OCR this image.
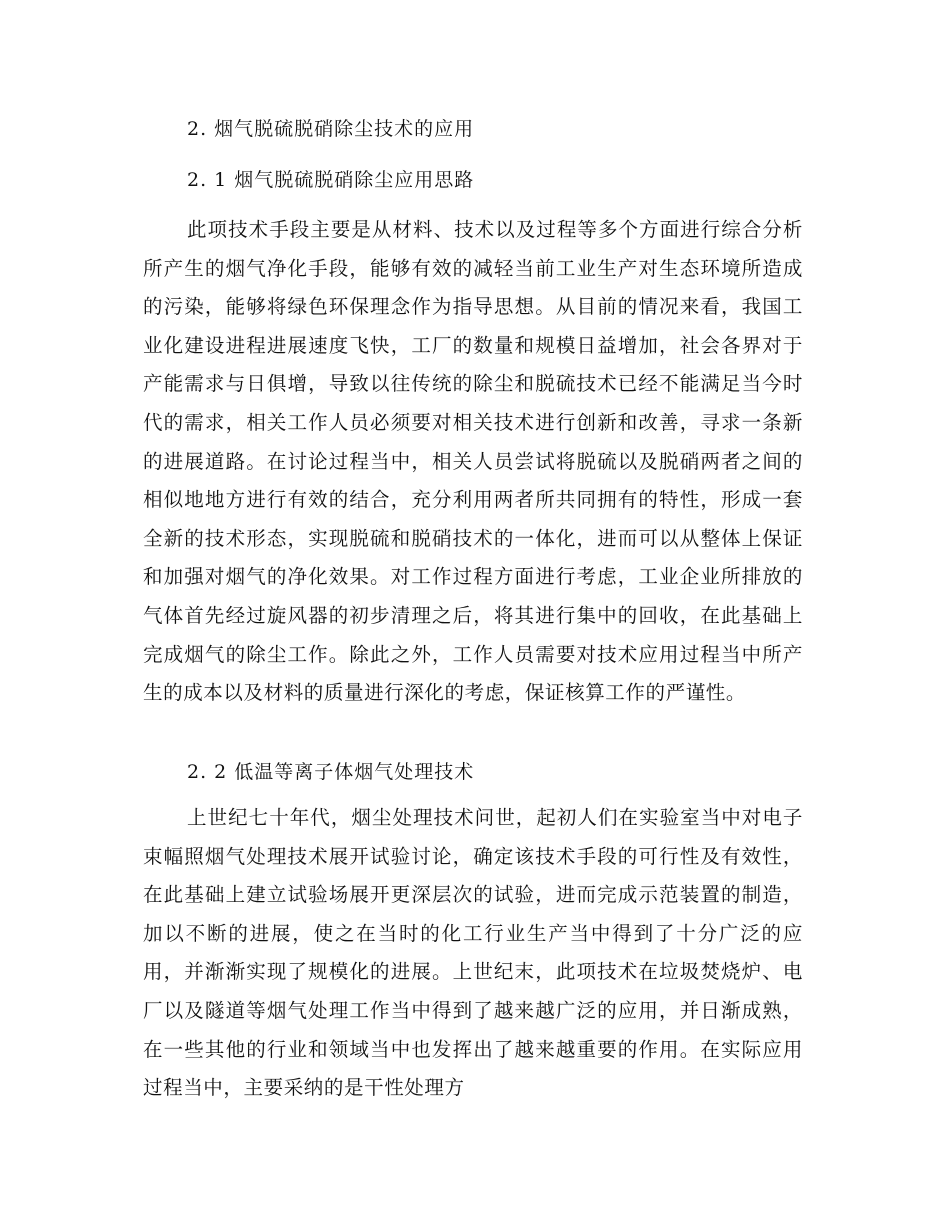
2. 烟气脱硫脱硝除尘技术的应用
2. 1 烟气脱硫脱硝除尘应用思路

此项技术手段主要是从材料、技术以及过程等多个方面进行综合分析所产生的烟气净化手段，能够有效的减轻当前工业生产对生态环境所造成的污染，能够将绿色环保理念作为指导思想。从目前的情况来看，我国工业化建设进程进展速度飞快，工厂的数量和规模日益增加，社会各界对于产能需求与日俱增，导致以往传统的除尘和脱硫技术已经不能满足当今时代的需求，相关工作人员必须要对相关技术进行创新和改善，寻求一条新的进展道路。在讨论过程当中，相关人员尝试将脱硫以及脱硝两者之间的相似地地方进行有效的结合，充分利用两者所共同拥有的特性，形成一套全新的技术形态，实现脱硫和脱硝技术的一体化，进而可以从整体上保证和加强对烟气的净化效果。对工作过程方面进行考虑，工业企业所排放的气体首先经过旋风器的初步清理之后，将其进行集中的回收，在此基础上完成烟气的除尘工作。除此之外，工作人员需要对技术应用过程当中所产生的成本以及材料的质量进行深化的考虑，保证核算工作的严谨性。

2. 2 低温等离子体烟气处理技术

上世纪七十年代，烟尘处理技术问世，起初人们在实验室当中对电子束幅照烟气处理技术展开试验讨论，确定该技术手段的可行性及有效性，在此基础上建立试验场展开更深层次的试验，进而完成示范装置的制造，加以不断的进展，使之在当时的化工行业生产当中得到了十分广泛的应用，并渐渐实现了规模化的进展。上世纪末，此项技术在垃圾焚烧炉、电厂以及隧道等烟气处理工作当中得到了越来越广泛的应用，并日渐成熟，在一些其他的行业和领域当中也发挥出了越来越重要的作用。在实际应用过程当中，主要采纳的是干性处理方
